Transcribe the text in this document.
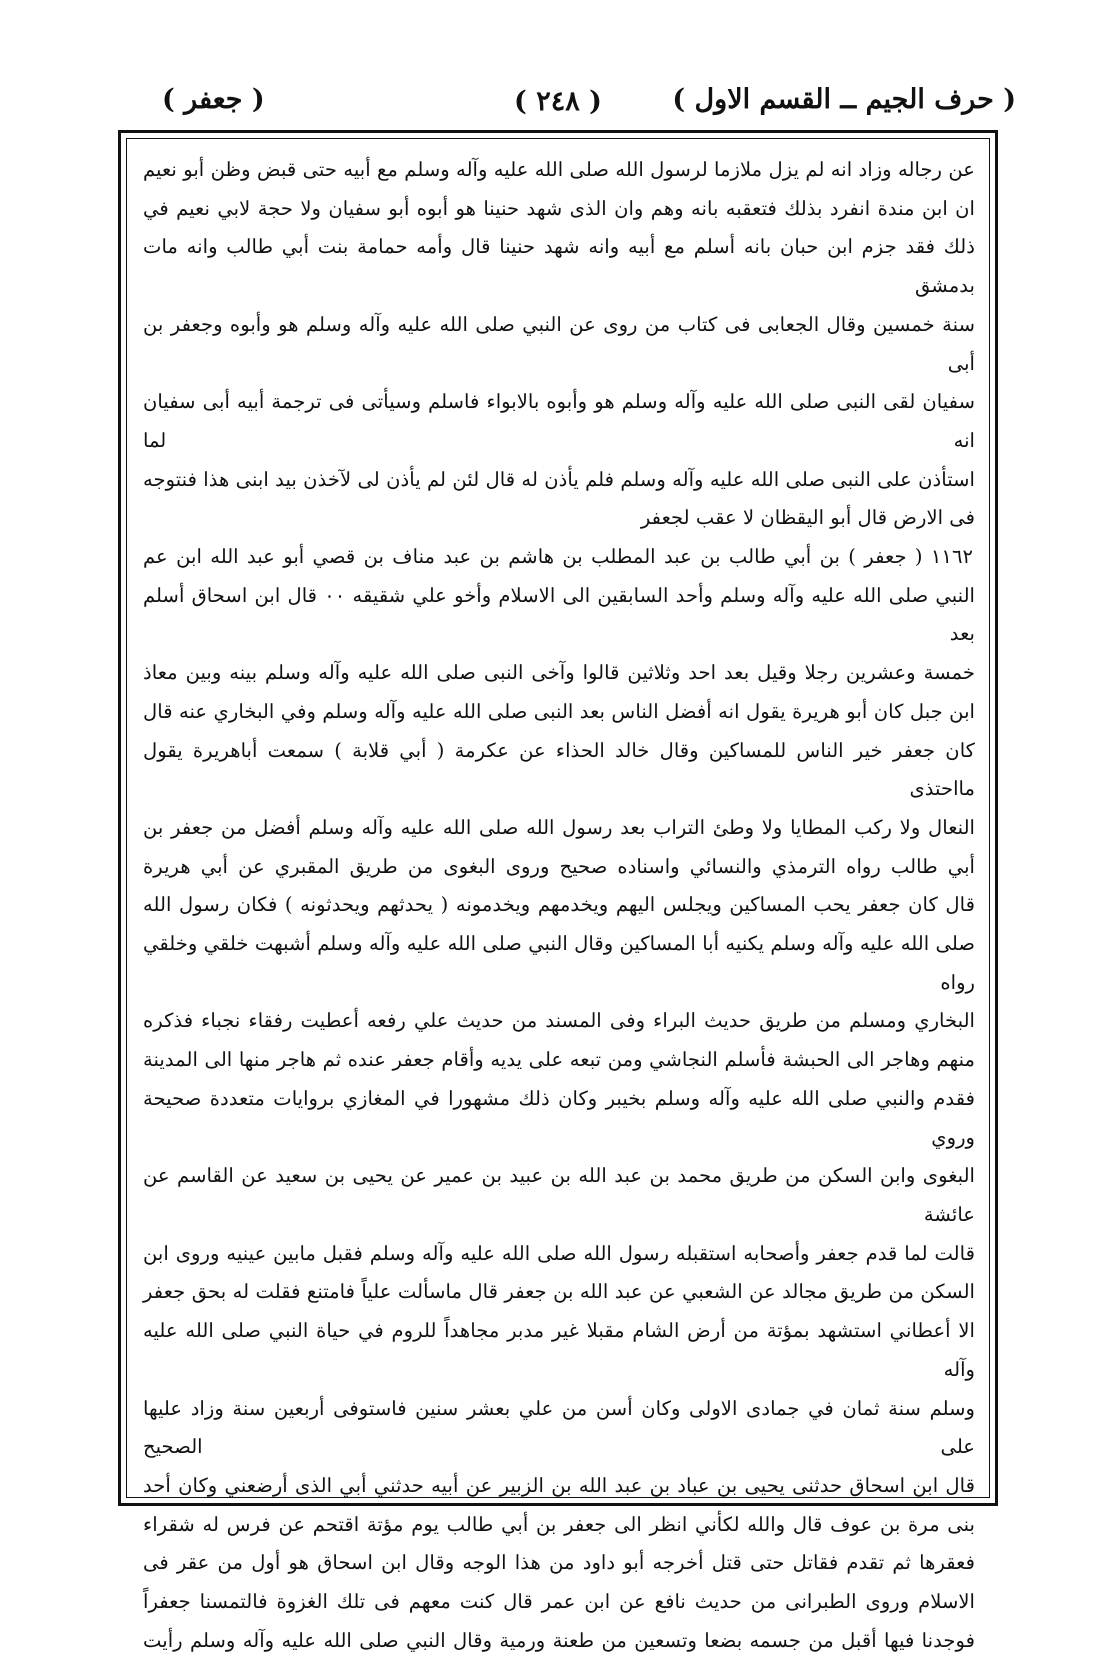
( حرف الجيم ــ القسم الاول )
( ٢٤٨ )
( جعفر )

عن رجاله وزاد انه لم يزل ملازما لرسول الله صلى الله عليه وآله وسلم مع أبيه حتى قبض وظن أبو نعيم

ان ابن مندة انفرد بذلك فتعقبه بانه وهم وان الذى شهد حنينا هو أبوه أبو سفيان ولا حجة لابي نعيم في

ذلك فقد جزم ابن حبان بانه أسلم مع أبيه وانه شهد حنينا قال وأمه حمامة بنت أبي طالب وانه مات بدمشق

سنة خمسين وقال الجعابى فى كتاب من روى عن النبي صلى الله عليه وآله وسلم هو وأبوه وجعفر بن أبى

سفيان لقى النبى صلى الله عليه وآله وسلم هو وأبوه بالابواء فاسلم وسيأتى فى ترجمة أبيه أبى سفيان انه لما

استأذن على النبى صلى الله عليه وآله وسلم فلم يأذن له قال لئن لم يأذن لى لآخذن بيد ابنى هذا فنتوجه

فى الارض قال أبو اليقظان لا عقب لجعفر

١١٦٢ ( جعفر ) بن أبي طالب بن عبد المطلب بن هاشم بن عبد مناف بن قصي أبو عبد الله ابن عم

النبي صلى الله عليه وآله وسلم وأحد السابقين الى الاسلام وأخو علي شقيقه ٠٠ قال ابن اسحاق أسلم بعد

خمسة وعشرين رجلا وقيل بعد احد وثلاثين قالوا وآخى النبى صلى الله عليه وآله وسلم بينه وبين معاذ

ابن جبل كان أبو هريرة يقول انه أفضل الناس بعد النبى صلى الله عليه وآله وسلم وفي البخاري عنه قال

كان جعفر خير الناس للمساكين وقال خالد الحذاء عن عكرمة ( أبي قلابة ) سمعت أباهريرة يقول مااحتذى

النعال ولا ركب المطايا ولا وطئ التراب بعد رسول الله صلى الله عليه وآله وسلم أفضل من جعفر بن

أبي طالب رواه الترمذي والنسائي واسناده صحيح وروى البغوى من طريق المقبري عن أبي هريرة

قال كان جعفر يحب المساكين ويجلس اليهم ويخدمهم ويخدمونه ( يحدثهم ويحدثونه ) فكان رسول الله

صلى الله عليه وآله وسلم يكنيه أبا المساكين وقال النبي صلى الله عليه وآله وسلم أشبهت خلقي وخلقي رواه

البخاري ومسلم من طريق حديث البراء وفى المسند من حديث علي رفعه أعطيت رفقاء نجباء فذكره

منهم وهاجر الى الحبشة فأسلم النجاشي ومن تبعه على يديه وأقام جعفر عنده ثم هاجر منها الى المدينة

فقدم والنبي صلى الله عليه وآله وسلم بخيبر وكان ذلك مشهورا في المغازي بروايات متعددة صحيحة وروي

البغوى وابن السكن من طريق محمد بن عبد الله بن عبيد بن عمير عن يحيى بن سعيد عن القاسم عن عائشة

قالت لما قدم جعفر وأصحابه استقبله رسول الله صلى الله عليه وآله وسلم فقبل مابين عينيه وروى ابن

السكن من طريق مجالد عن الشعبي عن عبد الله بن جعفر قال ماسألت علياً فامتنع فقلت له بحق جعفر

الا أعطاني استشهد بمؤتة من أرض الشام مقبلا غير مدبر مجاهداً للروم في حياة النبي صلى الله عليه وآله

وسلم سنة ثمان في جمادى الاولى وكان أسن من علي بعشر سنين فاستوفى أربعين سنة وزاد عليها على الصحيح

قال ابن اسحاق حدثنى يحيى بن عباد بن عبد الله بن الزبير عن أبيه حدثني أبي الذى أرضعني وكان أحد

بنى مرة بن عوف قال والله لكأني انظر الى جعفر بن أبي طالب يوم مؤتة اقتحم عن فرس له شقراء

فعقرها ثم تقدم فقاتل حتى قتل أخرجه أبو داود من هذا الوجه وقال ابن اسحاق هو أول من عقر فى

الاسلام وروى الطبرانى من حديث نافع عن ابن عمر قال كنت معهم فى تلك الغزوة فالتمسنا جعفراً

فوجدنا فيها أقبل من جسمه بضعا وتسعين من طعنة ورمية وقال النبي صلى الله عليه وآله وسلم رأيت
